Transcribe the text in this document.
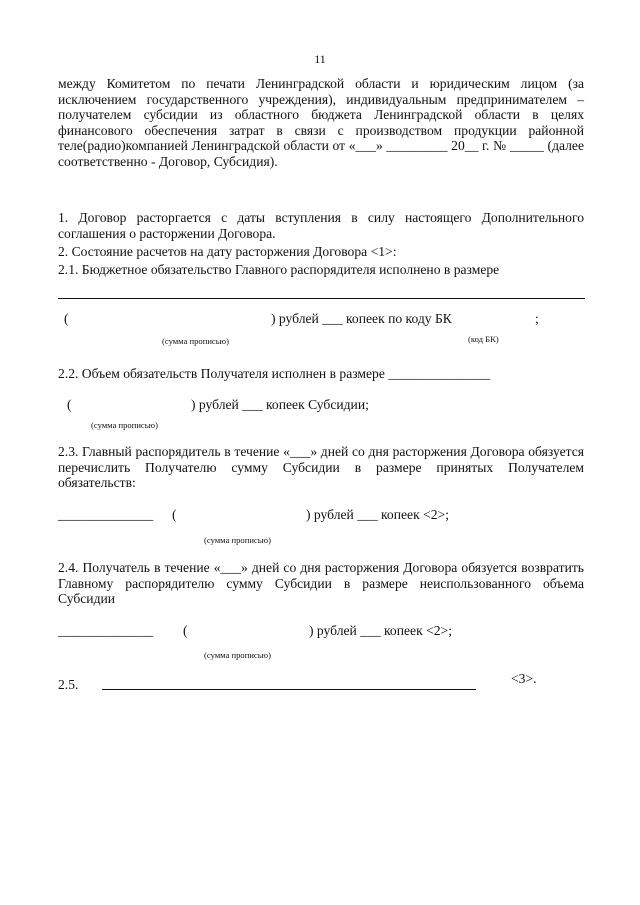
11

между Комитетом по печати Ленинградской области и юридическим лицом (за исключением государственного учреждения), индивидуальным предпринимателем – получателем субсидии из областного бюджета Ленинградской области в целях финансового обеспечения затрат в связи с производством продукции районной теле(радио)компанией Ленинградской области от «___» _________ 20__ г. № _____ (далее соответственно - Договор, Субсидия).

1. Договор расторгается с даты вступления в силу настоящего Дополнительного соглашения о расторжении Договора.

2. Состояние расчетов на дату расторжения Договора <1>:
2.1. Бюджетное обязательство Главного распорядителя исполнено в размере
(	) рублей ___ копеек по коду БК	;
(сумма прописью)	(код БК)
2.2. Объем обязательств Получателя исполнен в размере _______________
(	) рублей ___ копеек Субсидии;
(сумма прописью)

2.3. Главный распорядитель в течение «___» дней со дня расторжения Договора обязуется перечислить Получателю сумму Субсидии в размере принятых Получателем обязательств:

______________ (	) рублей ___ копеек <2>;
(сумма прописью)

2.4. Получатель в течение «___» дней со дня расторжения Договора обязуется возвратить Главному распорядителю сумму Субсидии в размере неиспользованного объема Субсидии

______________ (	) рублей ___ копеек <2>;
(сумма прописью)
2.5.	<3>.
